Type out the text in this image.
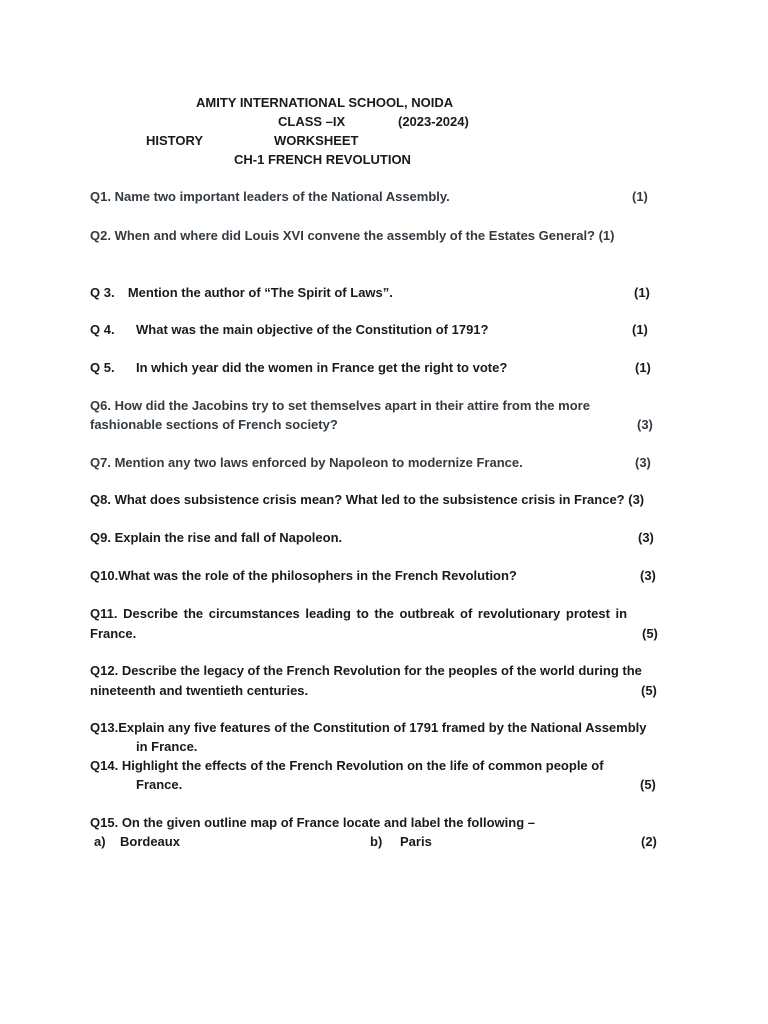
AMITY INTERNATIONAL SCHOOL, NOIDA
CLASS –IX	(2023-2024)
HISTORY	WORKSHEET
CH-1 FRENCH REVOLUTION
Q1. Name two important leaders of the National Assembly.	(1)
Q2. When and where did Louis XVI convene the assembly of the Estates General? (1)
Q 3. Mention the author of “The Spirit of Laws”.	(1)
Q 4. What was the main objective of the Constitution of 1791?	(1)
Q 5. In which year did the women in France get the right to vote?	(1)
Q6. How did the Jacobins try to set themselves apart in their attire from the more
fashionable sections of French society?	(3)
Q7. Mention any two laws enforced by Napoleon to modernize France.	(3)
Q8. What does subsistence crisis mean? What led to the subsistence crisis in France? (3)
Q9. Explain the rise and fall of Napoleon.	(3)
Q10.What was the role of the philosophers in the French Revolution?	(3)
Q11. Describe the circumstances leading to the outbreak of revolutionary protest in
France.	(5)
Q12. Describe the legacy of the French Revolution for the peoples of the world during the
nineteenth and twentieth centuries.	(5)
Q13.Explain any five features of the Constitution of 1791 framed by the National Assembly
in France.
Q14. Highlight the effects of the French Revolution on the life of common people of
France.	(5)
Q15. On the given outline map of France locate and label the following –
a) Bordeaux	b) Paris	(2)
